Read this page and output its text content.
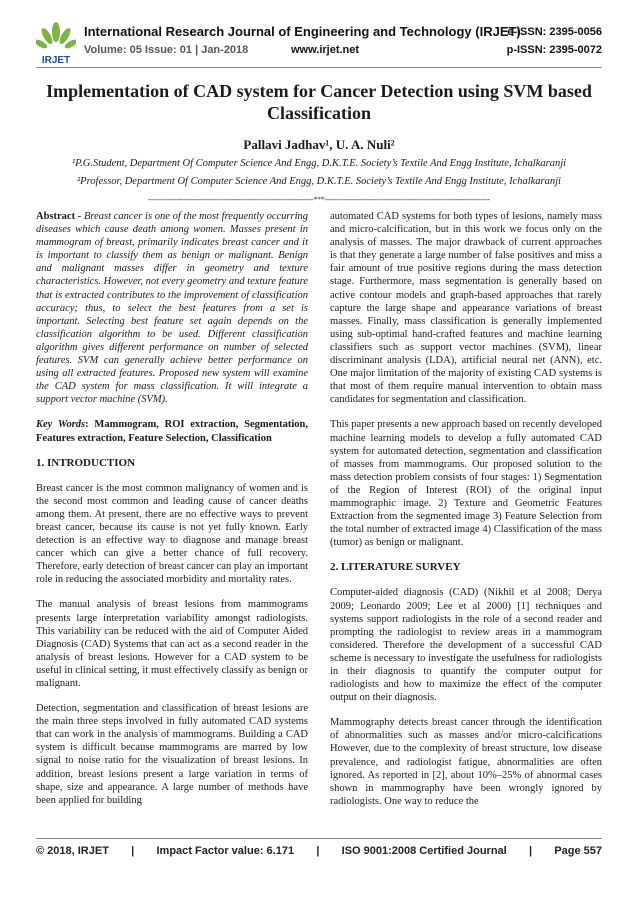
IRJET
International Research Journal of Engineering and Technology (IRJET)
Volume: 05 Issue: 01 | Jan-2018	www.irjet.net
e-ISSN: 2395-0056
p-ISSN: 2395-0072
Implementation of CAD system for Cancer Detection using SVM based Classification
Pallavi Jadhav¹, U. A. Nuli²
¹P.G.Student, Department Of Computer Science And Engg, D.K.T.E. Society’s Textile And Engg Institute, Ichalkaranji
²Professor, Department Of Computer Science And Engg, D.K.T.E. Society’s Textile And Engg Institute, Ichalkaranji
----------------------------------------------------------------------***----------------------------------------------------------------------

Abstract - Breast cancer is one of the most frequently occurring diseases which cause death among women. Masses present in mammogram of breast, primarily indicates breast cancer and it is important to classify them as benign or malignant. Benign and malignant masses differ in geometry and texture characteristics. However, not every geometry and texture feature that is extracted contributes to the improvement of classification accuracy; thus, to select the best features from a set is important. Selecting best feature set again depends on the classification algorithm to be used. Different classification algorithm gives different performance on number of selected features. SVM can generally achieve better performance on using all extracted features. Proposed new system will examine the CAD system for mass classification. It will integrate a support vector machine (SVM).

Key Words: Mammogram, ROI extraction, Segmentation, Features extraction, Feature Selection, Classification

1. INTRODUCTION

Breast cancer is the most common malignancy of women and is the second most common and leading cause of cancer deaths among them. At present, there are no effective ways to prevent breast cancer, because its cause is not yet fully known. Early detection is an effective way to diagnose and manage breast cancer which can give a better chance of full recovery. Therefore, early detection of breast cancer can play an important role in reducing the associated morbidity and mortality rates.

The manual analysis of breast lesions from mammograms presents large interpretation variability amongst radiologists. This variability can be reduced with the aid of Computer Aided Diagnosis (CAD) Systems that can act as a second reader in the analysis of breast lesions. However for a CAD system to be useful in clinical setting, it must effectively classify as benign or malignant.

Detection, segmentation and classification of breast lesions are the main three steps involved in fully automated CAD systems that can work in the analysis of mammograms. Building a CAD system is difficult because mammograms are marred by low signal to noise ratio for the visualization of breast lesions. In addition, breast lesions present a large variation in terms of shape, size and appearance. A large number of methods have been applied for building

automated CAD systems for both types of lesions, namely mass and micro-calcification, but in this work we focus only on the analysis of masses. The major drawback of current approaches is that they generate a large number of false positives and miss a fair amount of true positive regions during the mass detection stage. Furthermore, mass segmentation is generally based on active contour models and graph-based approaches that rarely capture the large shape and appearance variations of breast masses. Finally, mass classification is generally implemented using sub-optimal hand-crafted features and machine learning classifiers such as support vector machines (SVM), linear discriminant analysis (LDA), artificial neural net (ANN), etc. One major limitation of the majority of existing CAD systems is that most of them require manual intervention to obtain mass candidates for segmentation and classification.

This paper presents a new approach based on recently developed machine learning models to develop a fully automated CAD system for automated detection, segmentation and classification of masses from mammograms. Our proposed solution to the mass detection problem consists of four stages: 1) Segmentation of the Region of Interest (ROI) of the original input mammographic image. 2) Texture and Geometric Features Extraction from the segmented image 3) Feature Selection from the total number of extracted image 4) Classification of the mass (tumor) as benign or malignant.

2. LITERATURE SURVEY

Computer-aided diagnosis (CAD) (Nikhil et al 2008; Derya 2009; Leonardo 2009; Lee et al 2000) [1] techniques and systems support radiologists in the role of a second reader and prompting the radiologist to review areas in a mammogram considered. Therefore the development of a successful CAD scheme is necessary to investigate the usefulness for radiologists in their diagnosis to quantify the computer output for radiologists and how to maximize the effect of the computer output on their diagnosis.

Mammography detects breast cancer through the identification of abnormalities such as masses and/or micro-calcifications However, due to the complexity of breast structure, low disease prevalence, and radiologist fatigue, abnormalities are often ignored. As reported in [2], about 10%–25% of abnormal cases shown in mammography have been wrongly ignored by radiologists. One way to reduce the

© 2018, IRJET | Impact Factor value: 6.171 | ISO 9001:2008 Certified Journal | Page 557
